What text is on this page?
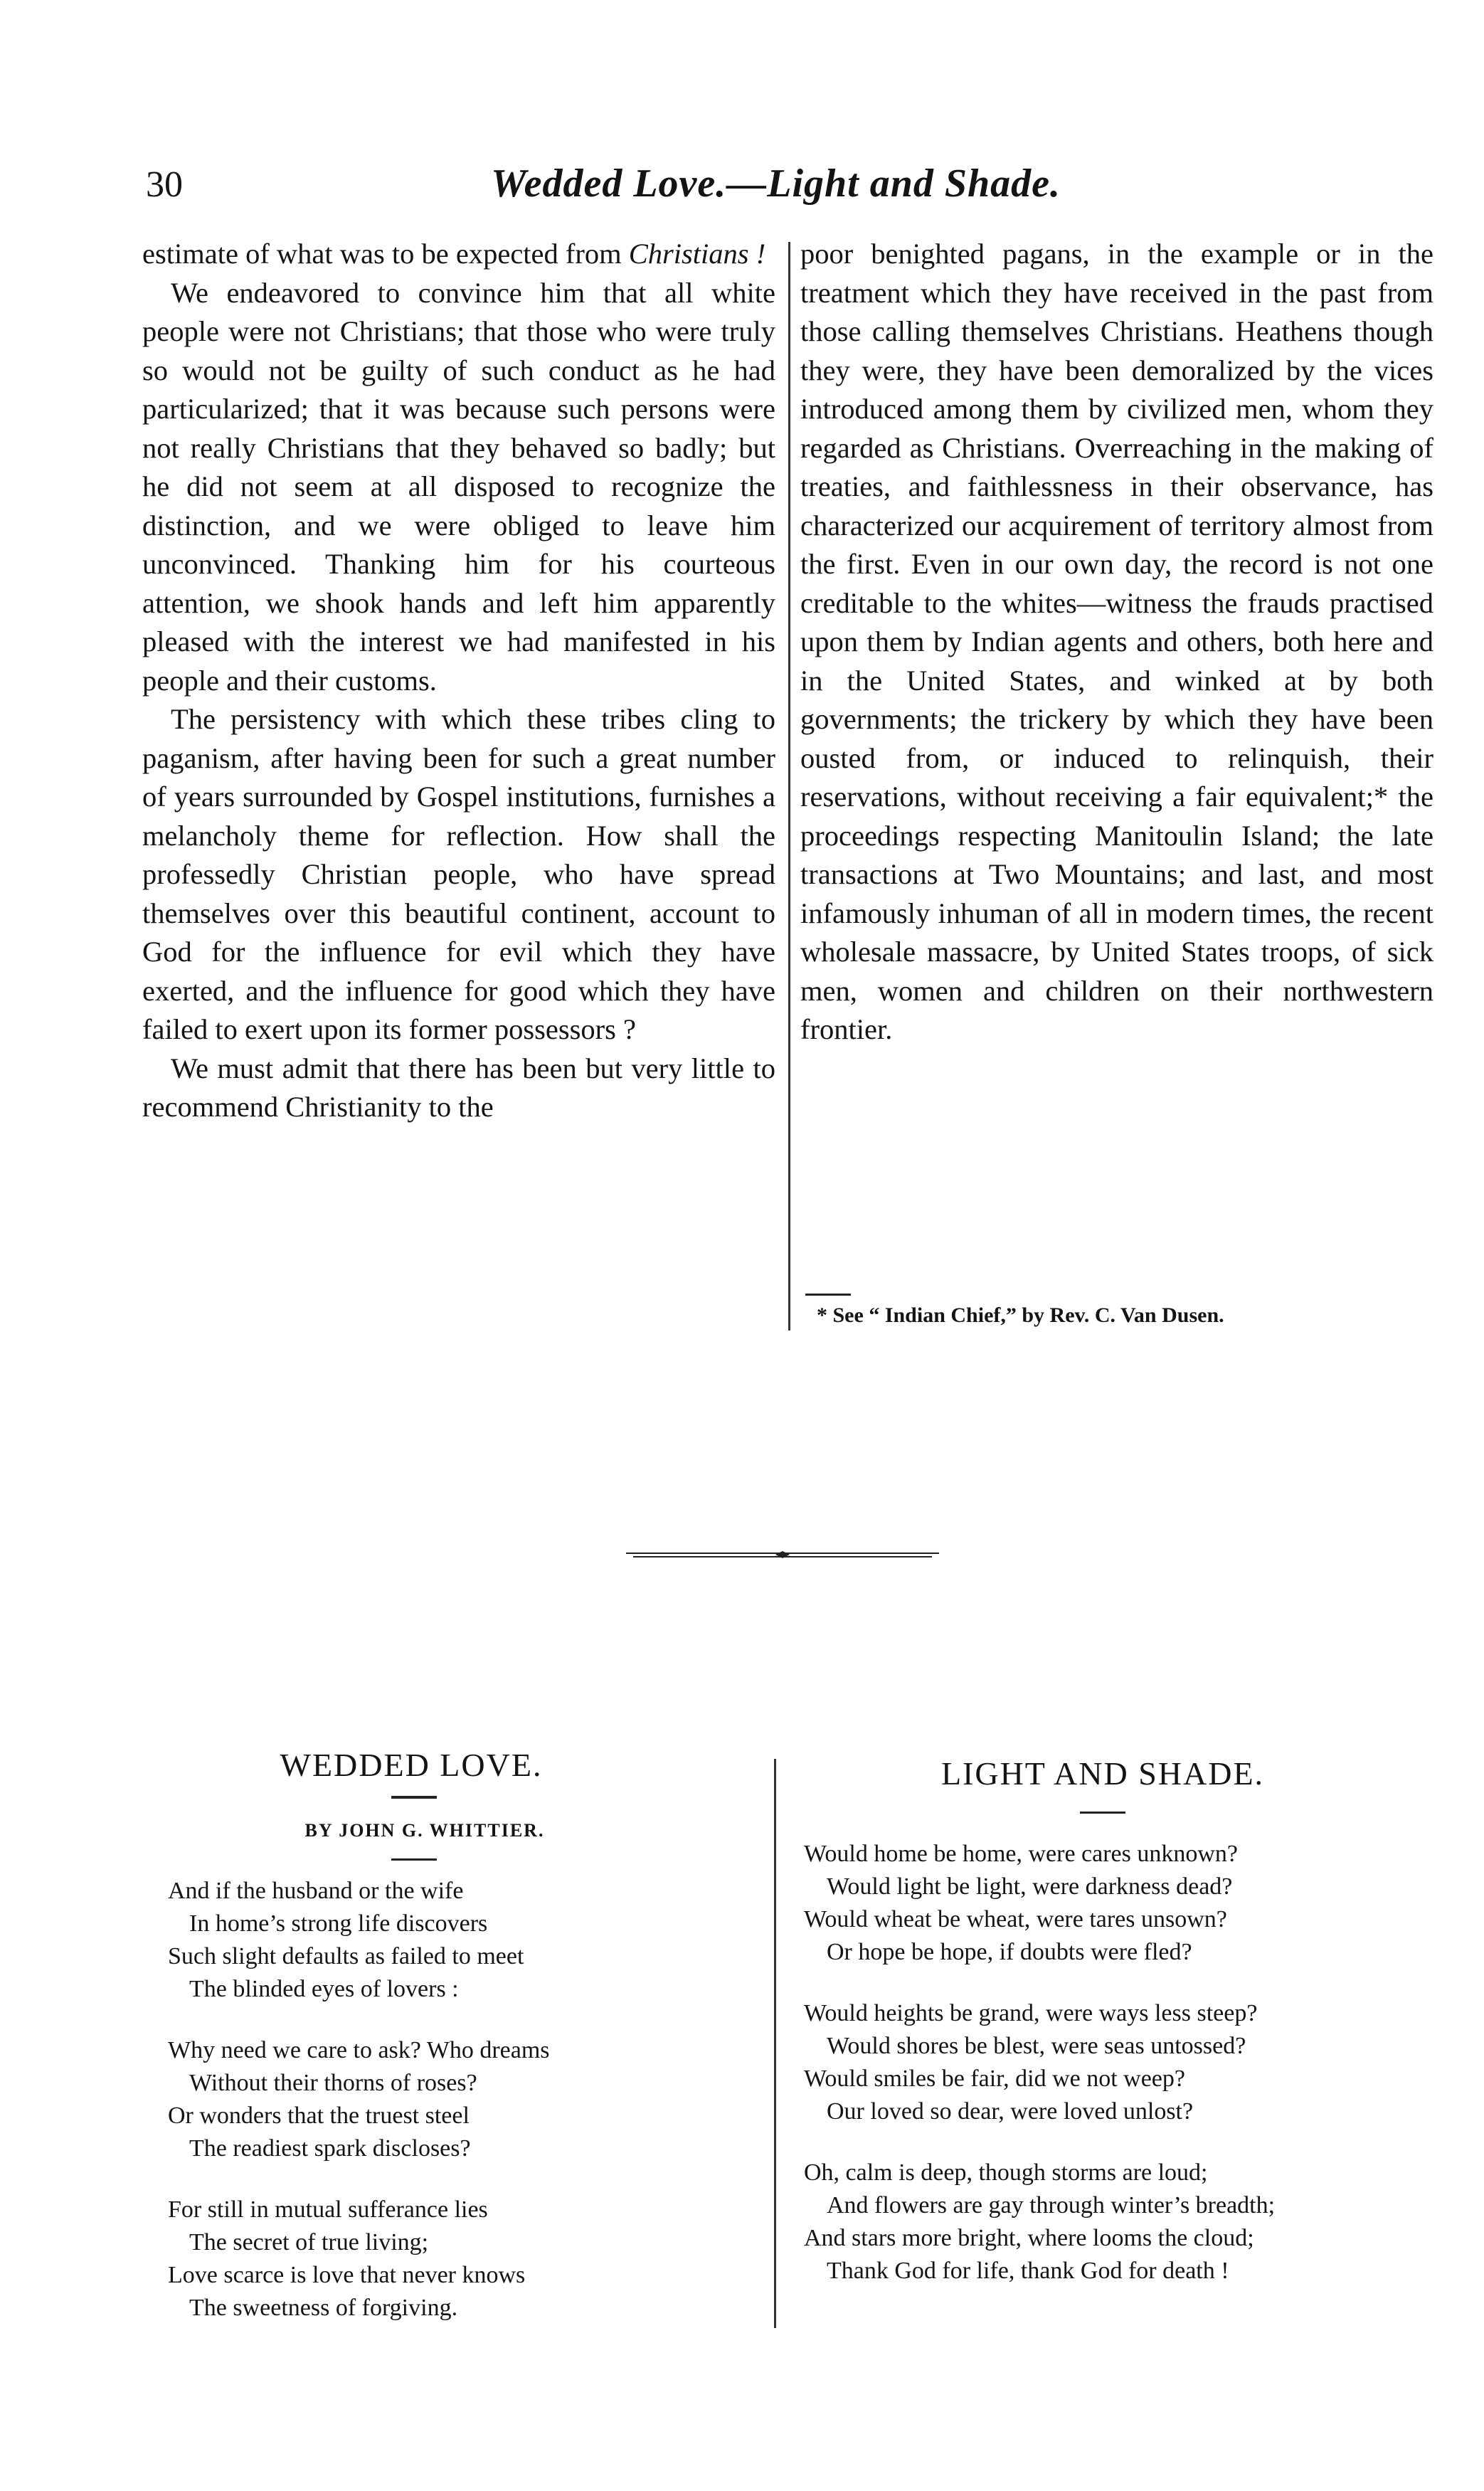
30	Wedded Love.—Light and Shade.

estimate of what was to be expected from Christians !

We endeavored to convince him that all white people were not Christians; that those who were truly so would not be guilty of such conduct as he had particularized; that it was because such persons were not really Christians that they behaved so badly; but he did not seem at all disposed to recognize the distinction, and we were obliged to leave him unconvinced. Thanking him for his courteous attention, we shook hands and left him apparently pleased with the interest we had manifested in his people and their customs.

The persistency with which these tribes cling to paganism, after having been for such a great number of years surrounded by Gospel institutions, furnishes a melancholy theme for reflection. How shall the professedly Christian people, who have spread themselves over this beautiful continent, account to God for the influence for evil which they have exerted, and the influence for good which they have failed to exert upon its former possessors ?

We must admit that there has been but very little to recommend Christianity to the

poor benighted pagans, in the example or in the treatment which they have received in the past from those calling themselves Christians. Heathens though they were, they have been demoralized by the vices introduced among them by civilized men, whom they regarded as Christians. Overreaching in the making of treaties, and faithlessness in their observance, has characterized our acquirement of territory almost from the first. Even in our own day, the record is not one creditable to the whites—witness the frauds practised upon them by Indian agents and others, both here and in the United States, and winked at by both governments; the trickery by which they have been ousted from, or induced to relinquish, their reservations, without receiving a fair equivalent;* the proceedings respecting Manitoulin Island; the late transactions at Two Mountains; and last, and most infamously inhuman of all in modern times, the recent wholesale massacre, by United States troops, of sick men, women and children on their northwestern frontier.

* See “ Indian Chief,” by Rev. C. Van Dusen.
WEDDED LOVE.
BY JOHN G. WHITTIER.
And if the husband or the wife
In home’s strong life discovers
Such slight defaults as failed to meet
The blinded eyes of lovers :
Why need we care to ask? Who dreams
Without their thorns of roses?
Or wonders that the truest steel
The readiest spark discloses?
For still in mutual sufferance lies
The secret of true living;
Love scarce is love that never knows
The sweetness of forgiving.
LIGHT AND SHADE.
Would home be home, were cares unknown?
Would light be light, were darkness dead?
Would wheat be wheat, were tares unsown?
Or hope be hope, if doubts were fled?
Would heights be grand, were ways less steep?
Would shores be blest, were seas untossed?
Would smiles be fair, did we not weep?
Our loved so dear, were loved unlost?
Oh, calm is deep, though storms are loud;
And flowers are gay through winter’s breadth;
And stars more bright, where looms the cloud;
Thank God for life, thank God for death !
